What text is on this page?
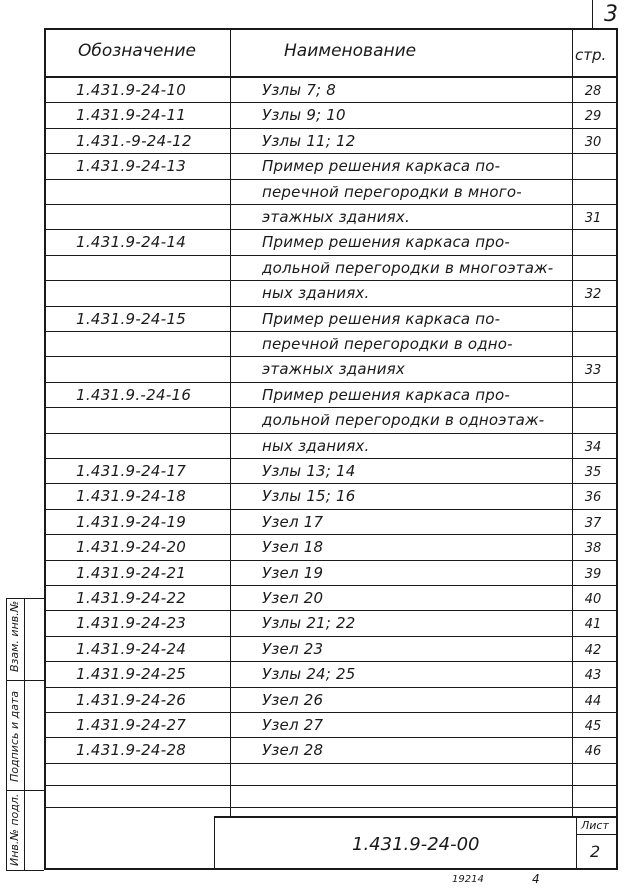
3
Обозначение	Наименование	стр.
1.431.9-24-10	Узлы 7; 8	28
1.431.9-24-11	Узлы 9; 10	29
1.431.-9-24-12	Узлы 11; 12	30
1.431.9-24-13	Пример решения каркаса по-
перечной перегородки в много-
этажных зданиях.	31
1.431.9-24-14	Пример решения каркаса про-
дольной перегородки в многоэтаж-
ных зданиях.	32
1.431.9-24-15	Пример решения каркаса по-
перечной перегородки в одно-
этажных зданиях	33
1.431.9.-24-16	Пример решения каркаса про-
дольной перегородки в одноэтаж-
ных зданиях.	34
1.431.9-24-17	Узлы 13; 14	35
1.431.9-24-18	Узлы 15; 16	36
1.431.9-24-19	Узел 17	37
1.431.9-24-20	Узел 18	38
1.431.9-24-21	Узел 19	39
1.431.9-24-22	Узел 20	40
1.431.9-24-23	Узлы 21; 22	41
1.431.9-24-24	Узел 23	42
1.431.9-24-25	Узлы 24; 25	43
1.431.9-24-26	Узел 26	44
1.431.9-24-27	Узел 27	45
1.431.9-24-28	Узел 28	46
Взам. инв.№
Подпись и дата
Инв.№ подл.	1.431.9-24-00
Лист
2
19214	4
